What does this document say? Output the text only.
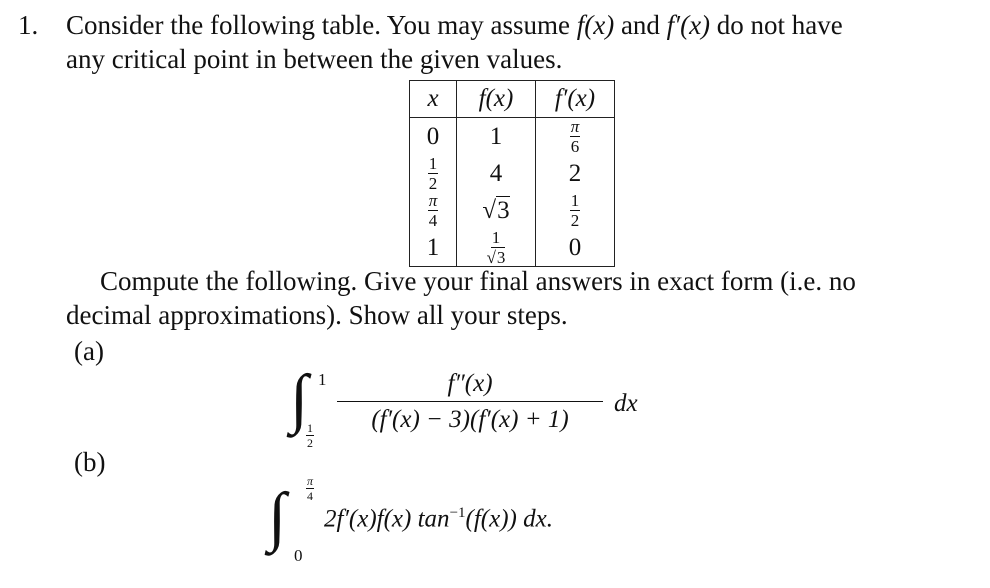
1. Consider the following table. You may assume f(x) and f′(x) do not have
any critical point in between the given values.
x	f(x)	f′(x)
0	1	$\frac{\pi}{6}$

$\frac{1}{2}$	4	2

$\frac{\pi}{4}$	√3	$\frac{1}{2}$

1	$\frac{1}{√3}$	0
Compute the following. Give your final answers in exact form (i.e. no
decimal approximations). Show all your steps.
(a)
∫ 1
$\frac{1}{2}$
$\frac{f''(x)}{(f'(x) - 3)(f'(x) + 1)}$ dx
(b)
∫ $\frac{\pi}{4}$
0
2f′(x)f(x) $\tan^{-1}(f(x))$ dx.
